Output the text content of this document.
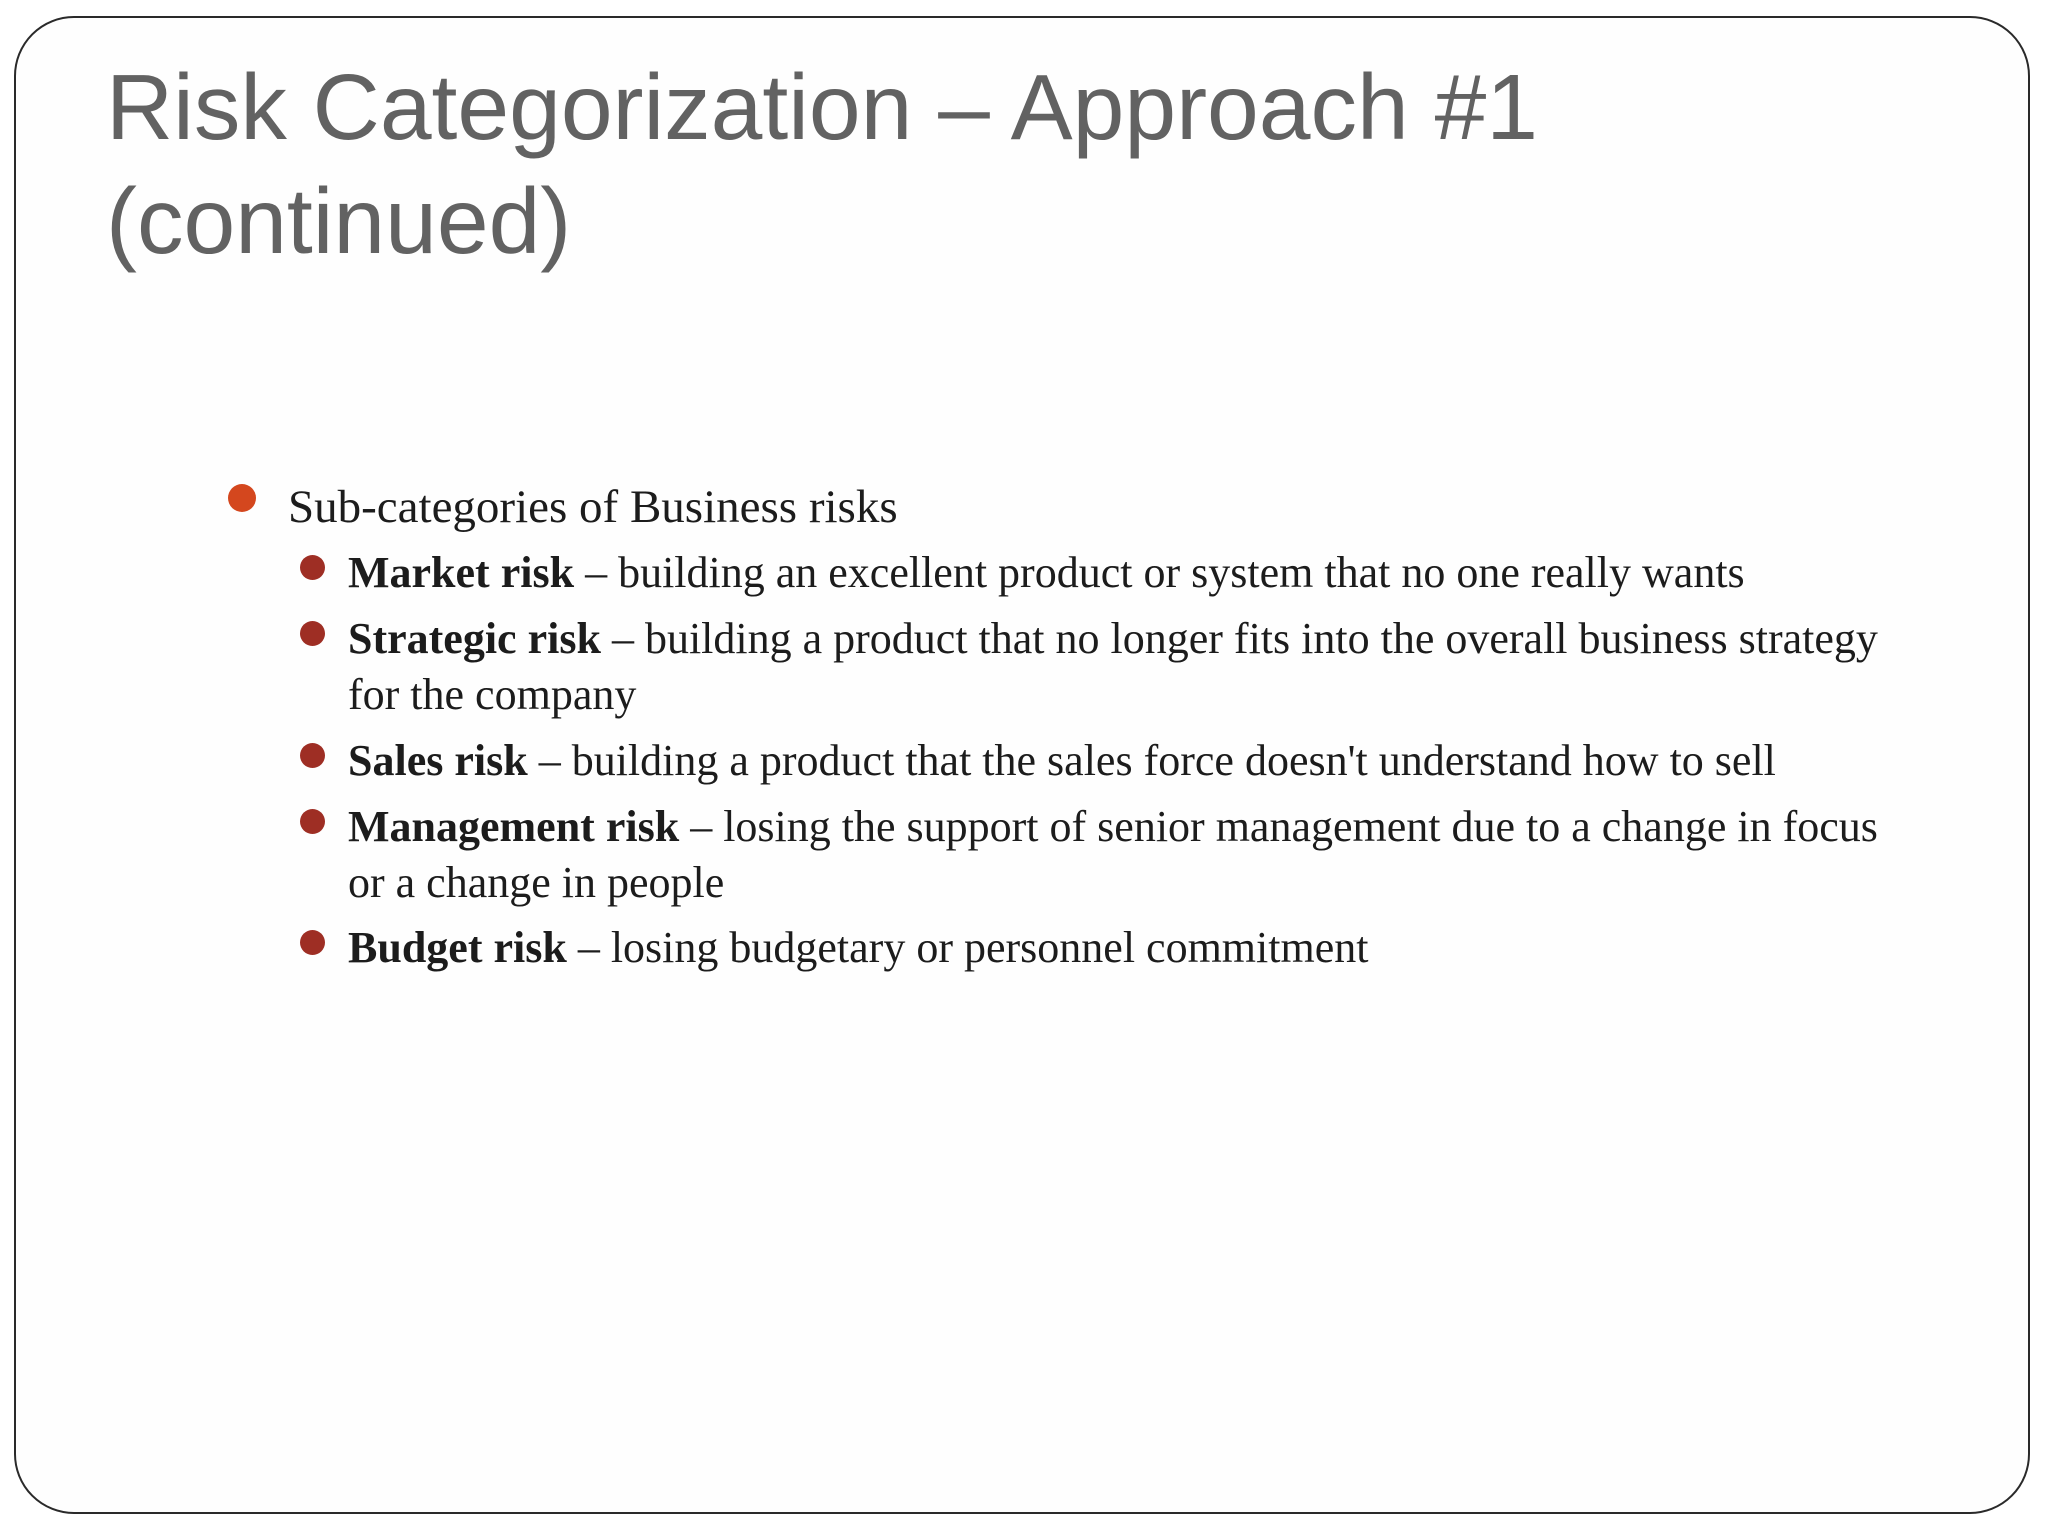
Risk Categorization – Approach #1 (continued)
Sub-categories of Business risks
Market risk – building an excellent product or system that no one really wants
Strategic risk – building a product that no longer fits into the overall business strategy for the company
Sales risk – building a product that the sales force doesn't understand how to sell
Management risk – losing the support of senior management due to a change in focus or a change in people
Budget risk – losing budgetary or personnel commitment
